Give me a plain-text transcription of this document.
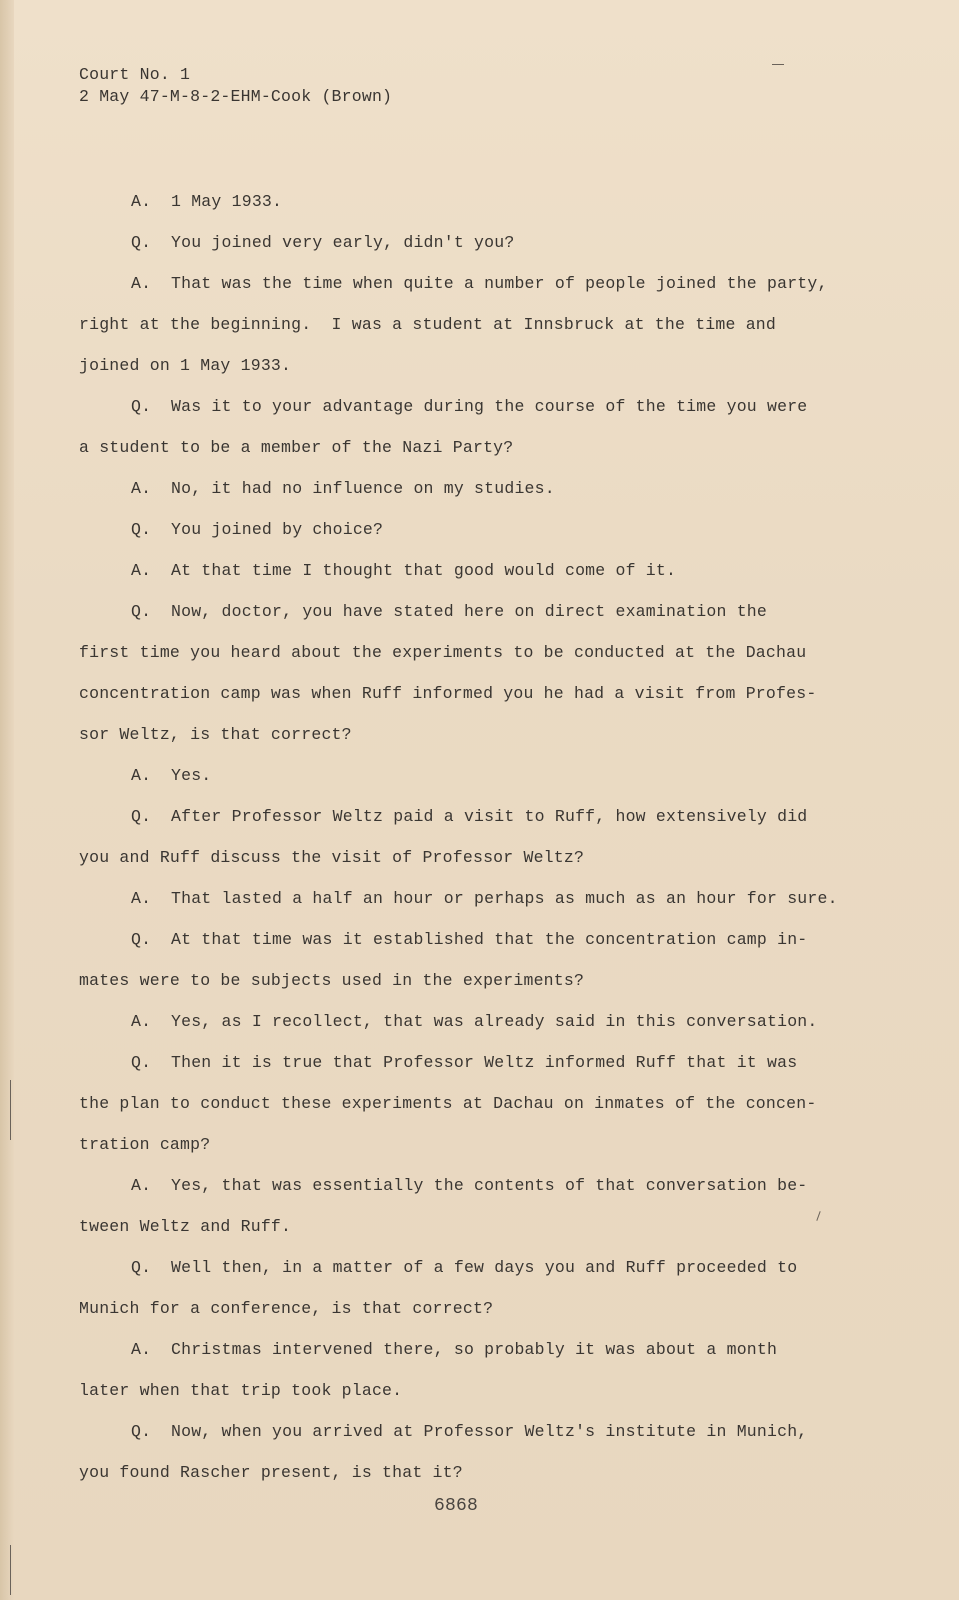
Court No. 1
2 May 47-M-8-2-EHM-Cook (Brown)
A. 1 May 1933.
Q. You joined very early, didn't you?
A. That was the time when quite a number of people joined the party,
right at the beginning.  I was a student at Innsbruck at the time and
joined on 1 May 1933.
Q. Was it to your advantage during the course of the time you were
a student to be a member of the Nazi Party?
A. No, it had no influence on my studies.
Q. You joined by choice?
A. At that time I thought that good would come of it.
Q. Now, doctor, you have stated here on direct examination the
first time you heard about the experiments to be conducted at the Dachau
concentration camp was when Ruff informed you he had a visit from Profes-
sor Weltz, is that correct?
A. Yes.
Q. After Professor Weltz paid a visit to Ruff, how extensively did
you and Ruff discuss the visit of Professor Weltz?
A. That lasted a half an hour or perhaps as much as an hour for sure.
Q. At that time was it established that the concentration camp in-
mates were to be subjects used in the experiments?
A. Yes, as I recollect, that was already said in this conversation.
Q. Then it is true that Professor Weltz informed Ruff that it was
the plan to conduct these experiments at Dachau on inmates of the concen-
tration camp?
A. Yes, that was essentially the contents of that conversation be-
tween Weltz and Ruff.
Q. Well then, in a matter of a few days you and Ruff proceeded to
Munich for a conference, is that correct?
A. Christmas intervened there, so probably it was about a month
later when that trip took place.
Q. Now, when you arrived at Professor Weltz's institute in Munich,
you found Rascher present, is that it?
6868
